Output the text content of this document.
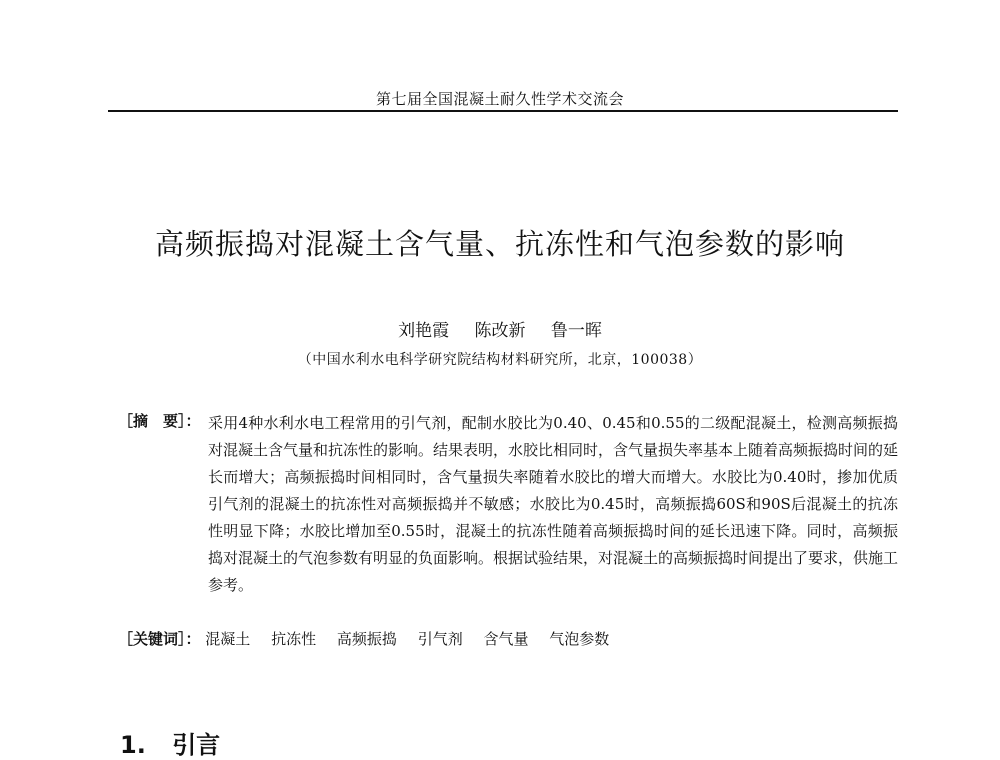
第七届全国混凝土耐久性学术交流会
高频振捣对混凝土含气量、抗冻性和气泡参数的影响
刘艳霞 陈改新 鲁一晖
（中国水利水电科学研究院结构材料研究所，北京，100038）
［摘　要］： 采用4种水利水电工程常用的引气剂，配制水胶比为0.40、0.45和0.55的二级配混凝土，检测高频振捣对混凝土含气量和抗冻性的影响。结果表明，水胶比相同时，含气量损失率基本上随着高频振捣时间的延长而增大；高频振捣时间相同时，含气量损失率随着水胶比的增大而增大。水胶比为0.40时，掺加优质引气剂的混凝土的抗冻性对高频振捣并不敏感；水胶比为0.45时，高频振捣60S和90S后混凝土的抗冻性明显下降；水胶比增加至0.55时，混凝土的抗冻性随着高频振捣时间的延长迅速下降。同时，高频振捣对混凝土的气泡参数有明显的负面影响。根据试验结果，对混凝土的高频振捣时间提出了要求，供施工参考。
［关键词］： 混凝土 抗冻性 高频振捣 引气剂 含气量 气泡参数
1. 引言
